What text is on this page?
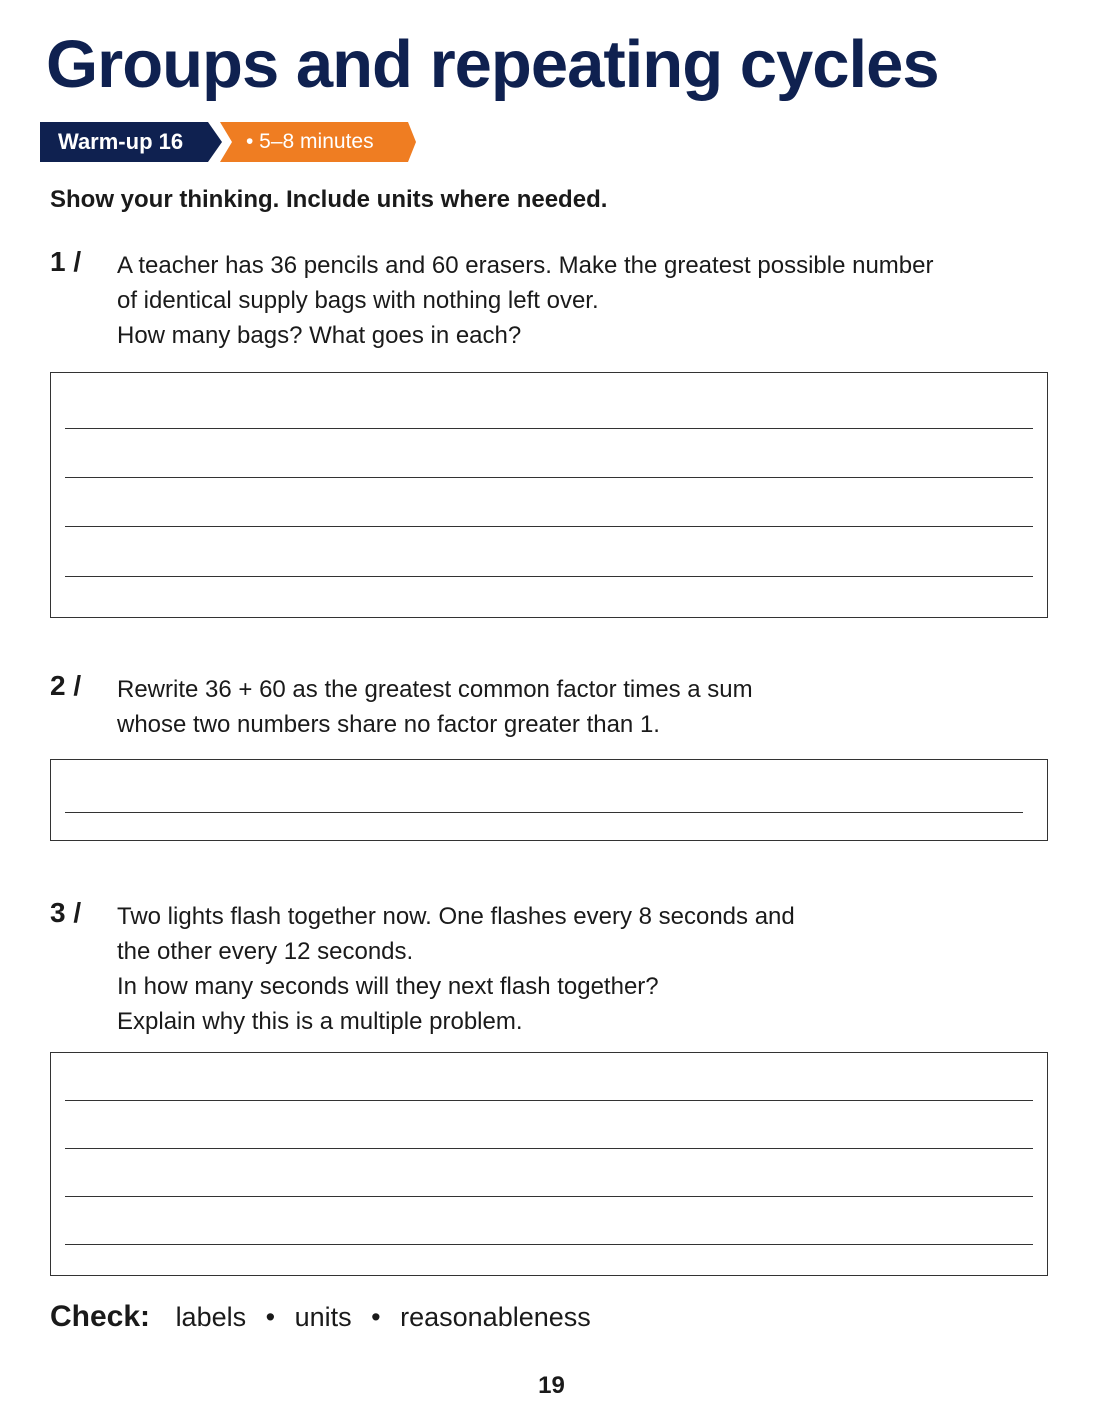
Groups and repeating cycles
Warm-up 16	• 5–8 minutes
Show your thinking. Include units where needed.
1 / A teacher has 36 pencils and 60 erasers. Make the greatest possible number
of identical supply bags with nothing left over.
How many bags? What goes in each?
2 / Rewrite 36 + 60 as the greatest common factor times a sum
whose two numbers share no factor greater than 1.
3 / Two lights flash together now. One flashes every 8 seconds and
the other every 12 seconds.
In how many seconds will they next flash together?
Explain why this is a multiple problem.
Check: labels • units • reasonableness
19
